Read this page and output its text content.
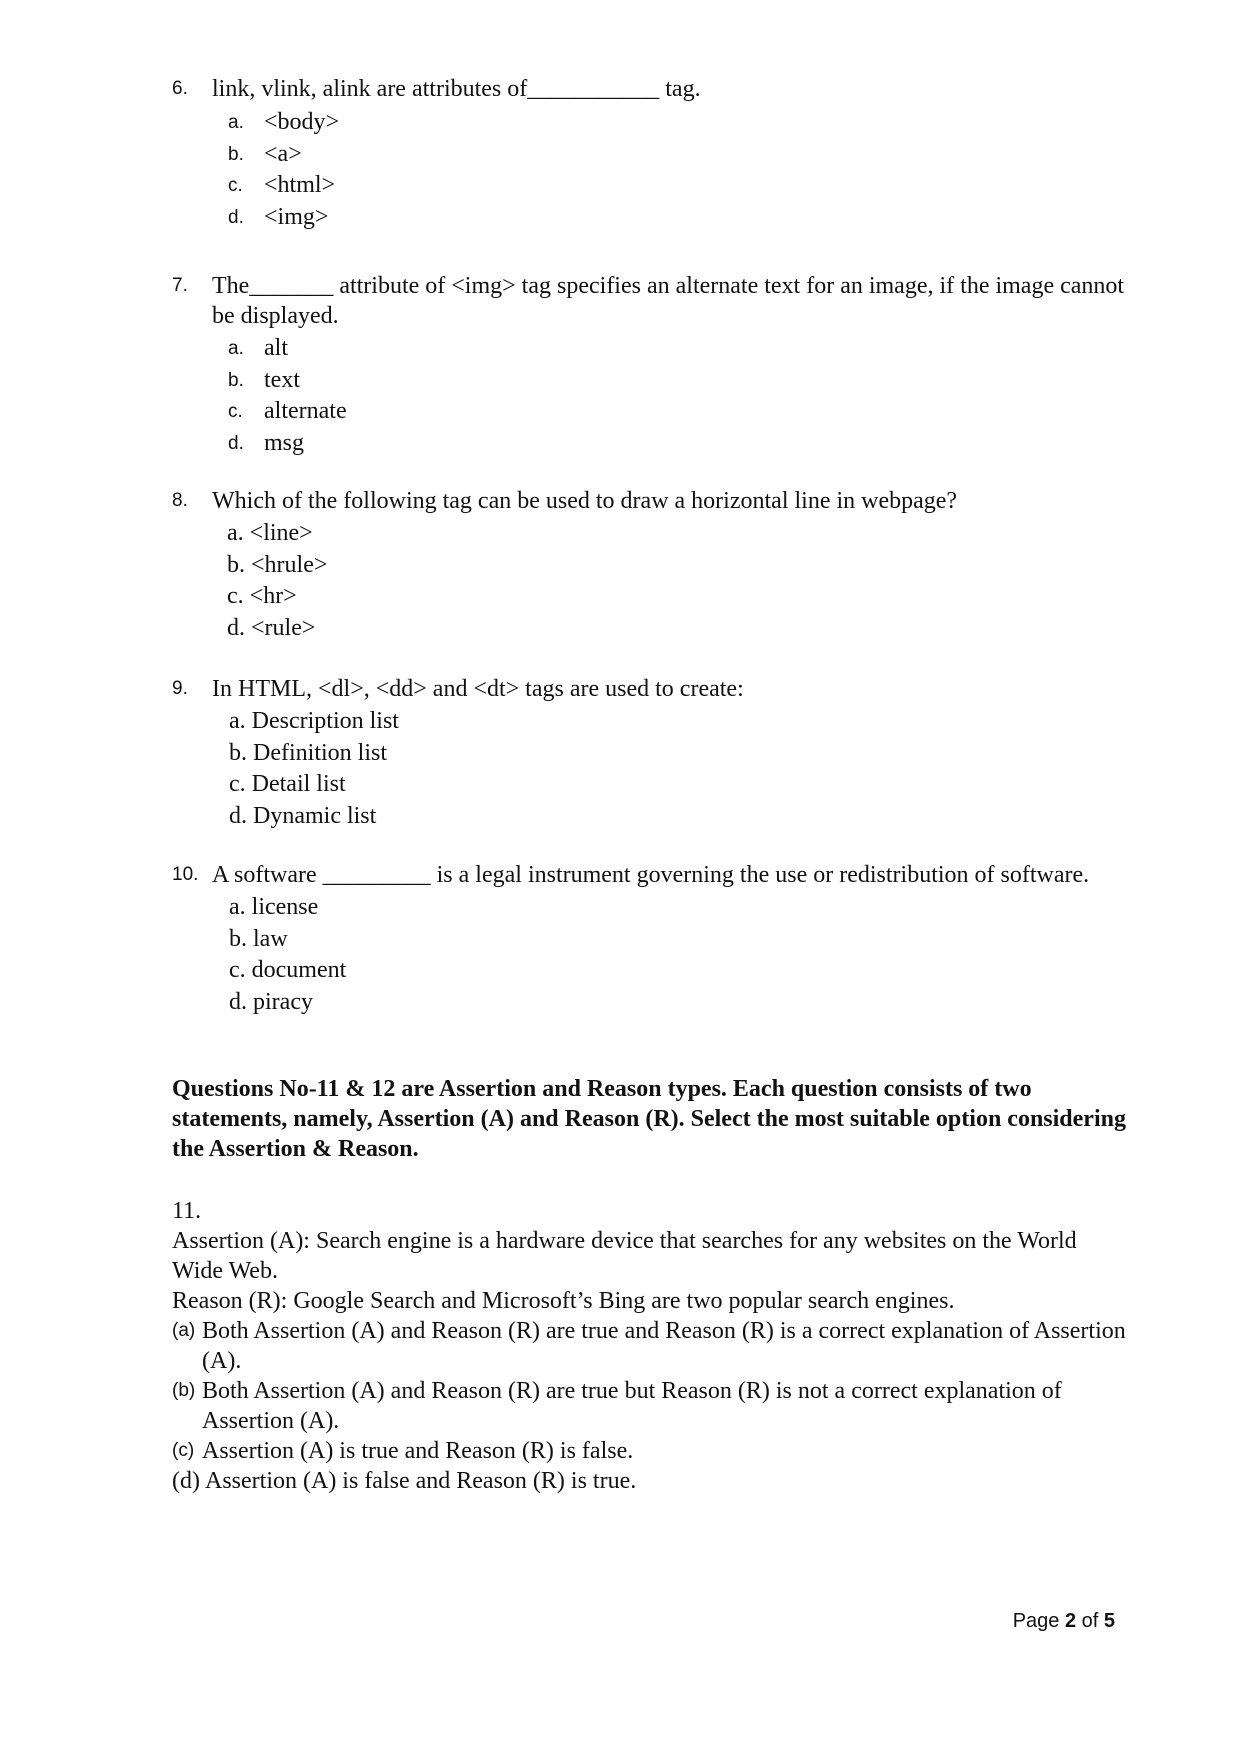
6. link, vlink, alink are attributes of___________ tag.
a. <body>
b. <a>
c. <html>
d. <img>
7. The_______ attribute of <img> tag specifies an alternate text for an image, if the image cannot be displayed.
a. alt
b. text
c. alternate
d. msg
8. Which of the following tag can be used to draw a horizontal line in webpage?
a. <line>
b. <hrule>
c. <hr>
d. <rule>
9. In HTML, <dl>, <dd> and <dt> tags are used to create:
a. Description list
b. Definition list
c. Detail list
d. Dynamic list
10. A software _________ is a legal instrument governing the use or redistribution of software.
a. license
b. law
c. document
d. piracy
Questions No-11 & 12 are Assertion and Reason types. Each question consists of two statements, namely, Assertion (A) and Reason (R). Select the most suitable option considering the Assertion & Reason.

11.

Assertion (A): Search engine is a hardware device that searches for any websites on the World Wide Web.

Reason (R): Google Search and Microsoft’s Bing are two popular search engines.

(a) Both Assertion (A) and Reason (R) are true and Reason (R) is a correct explanation of Assertion (A).
(b) Both Assertion (A) and Reason (R) are true but Reason (R) is not a correct explanation of Assertion (A).
(c) Assertion (A) is true and Reason (R) is false.
(d) Assertion (A) is false and Reason (R) is true.
Page 2 of 5
